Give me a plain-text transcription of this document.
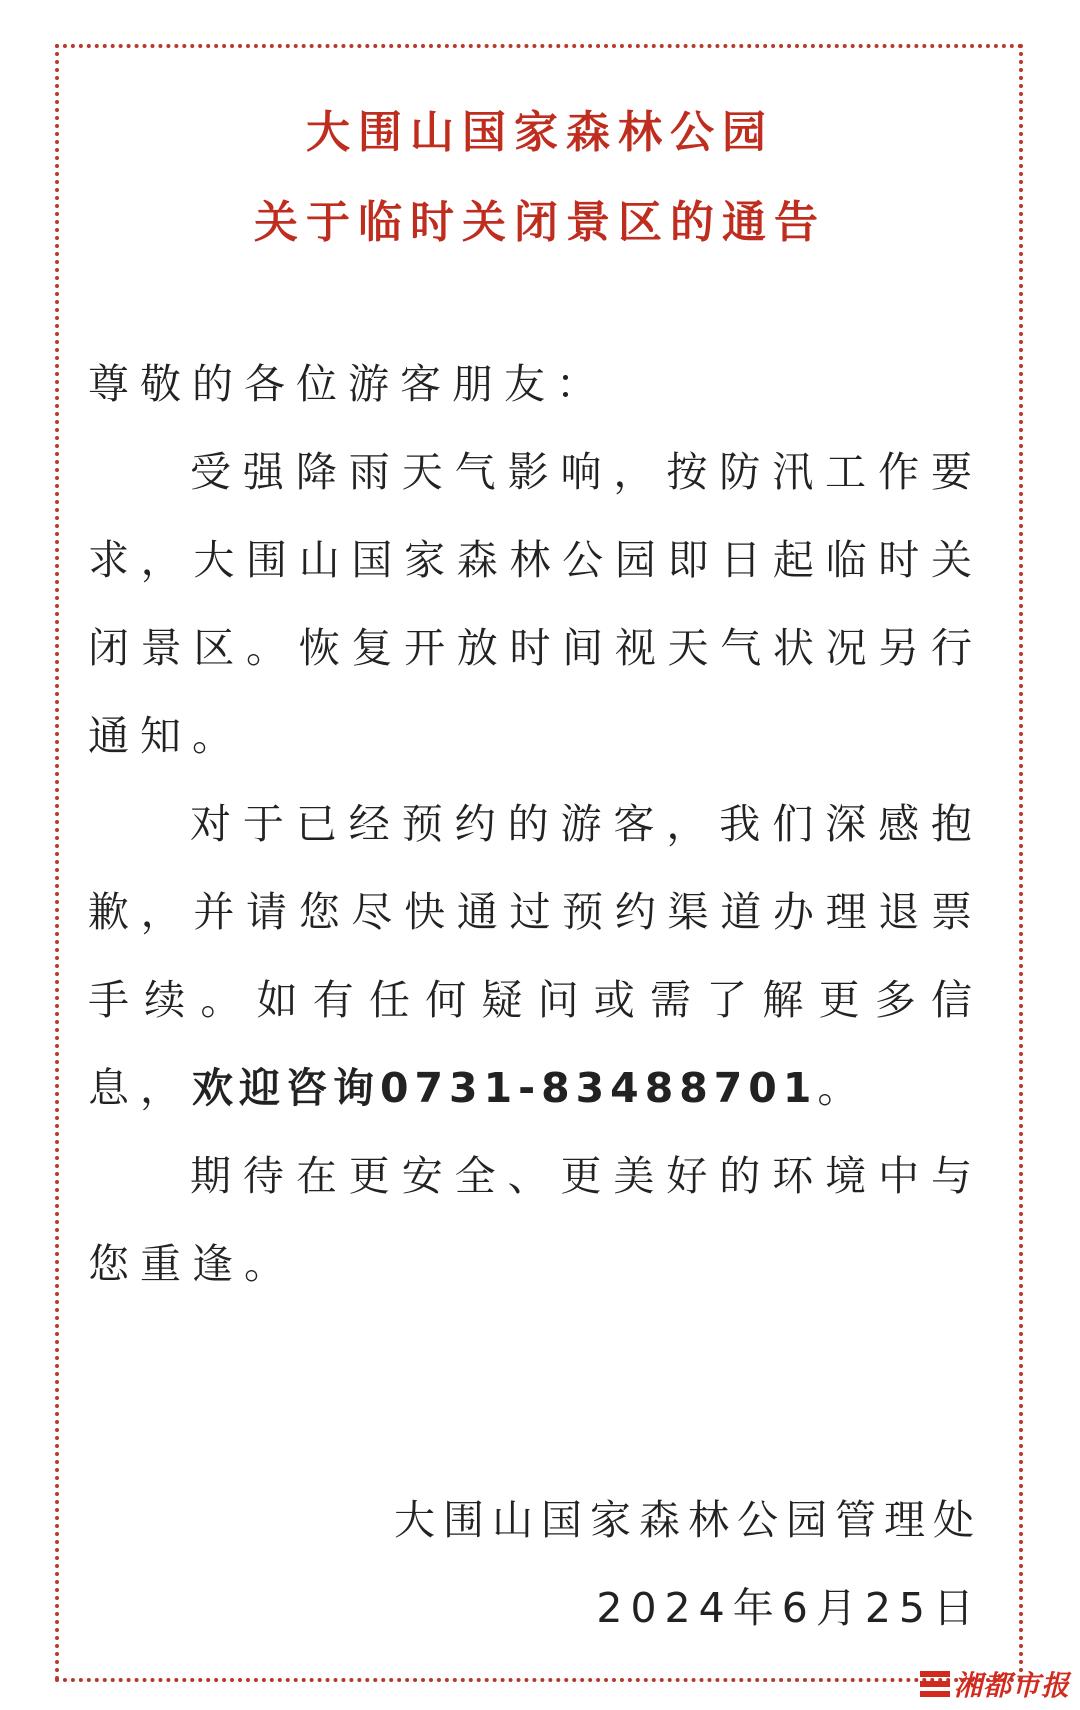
大围山国家森林公园
关于临时关闭景区的通告

尊敬的各位游客朋友：

受强降雨天气影响，按防汛工作要求，大围山国家森林公园即日起临时关闭景区。恢复开放时间视天气状况另行通知。

对于已经预约的游客，我们深感抱歉，并请您尽快通过预约渠道办理退票手续。如有任何疑问或需了解更多信息，欢迎咨询0731-83488701。

期待在更安全、更美好的环境中与您重逢。

大围山国家森林公园管理处
2024年6月25日
湘都市报
